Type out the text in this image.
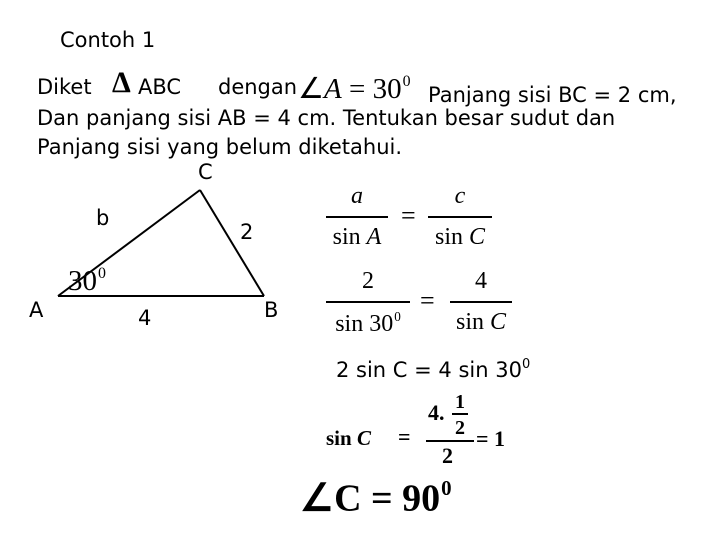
Contoh 1
Diket Δ ABC dengan ∠A = $30^0$
Panjang sisi BC = 2 cm,
Dan panjang sisi AB = 4 cm. Tentukan besar sudut dan
Panjang sisi yang belum diketahui.
C
b
2
$30^0$
A	4	B
a
sin A
=
c
sin C
2
$\sin 30^0$
=
4
sin C
2 sin C = 4 $\sin 30^0$
sin C =
4. 1
2
2
= 1
∠C = $90^0$
